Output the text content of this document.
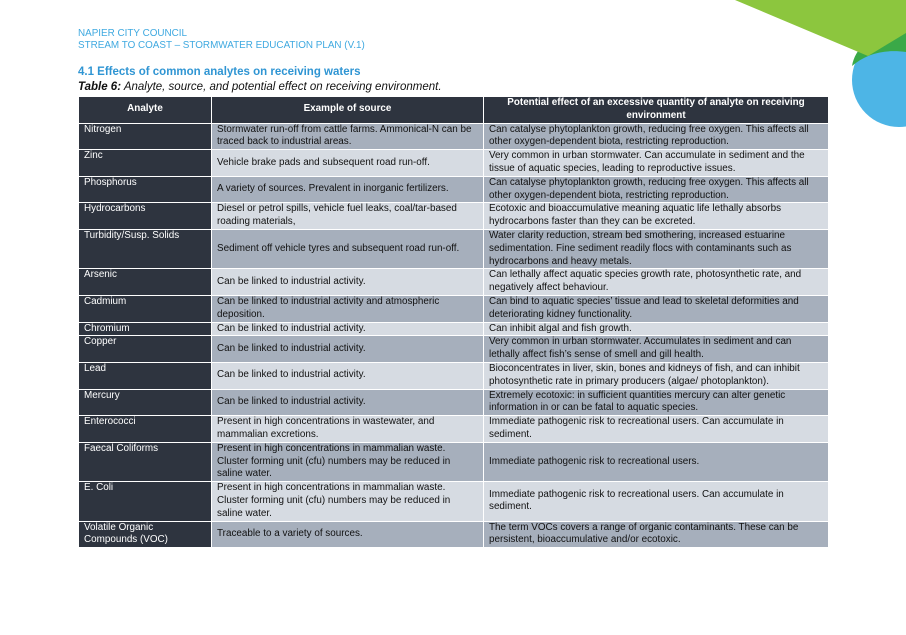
NAPIER CITY COUNCIL
STREAM TO COAST – STORMWATER EDUCATION PLAN (V.1)
4.1 Effects of common analytes on receiving waters
Table 6: Analyte, source, and potential effect on receiving environment.
Analyte	Example of source	Potential effect of an excessive quantity of analyte on receiving environment
Nitrogen	Stormwater run-off from cattle farms. Ammonical-N can be traced back to industrial areas.	Can catalyse phytoplankton growth, reducing free oxygen. This affects all other oxygen-dependent biota, restricting reproduction.
Zinc	Vehicle brake pads and subsequent road run-off.	Very common in urban stormwater. Can accumulate in sediment and the tissue of aquatic species, leading to reproductive issues.
Phosphorus	A variety of sources. Prevalent in inorganic fertilizers.	Can catalyse phytoplankton growth, reducing free oxygen. This affects all other oxygen-dependent biota, restricting reproduction.
Hydrocarbons	Diesel or petrol spills, vehicle fuel leaks, coal/tar-based roading materials,	Ecotoxic and bioaccumulative meaning aquatic life lethally absorbs hydrocarbons faster than they can be excreted.
Turbidity/Susp. Solids	Sediment off vehicle tyres and subsequent road run-off.	Water clarity reduction, stream bed smothering, increased estuarine sedimentation. Fine sediment readily flocs with contaminants such as hydrocarbons and heavy metals.
Arsenic	Can be linked to industrial activity.	Can lethally affect aquatic species growth rate, photosynthetic rate, and negatively affect behaviour.
Cadmium	Can be linked to industrial activity and atmospheric deposition.	Can bind to aquatic species’ tissue and lead to skeletal deformities and deteriorating kidney functionality.
Chromium	Can be linked to industrial activity.	Can inhibit algal and fish growth.
Copper	Can be linked to industrial activity.	Very common in urban stormwater. Accumulates in sediment and can lethally affect fish’s sense of smell and gill health.
Lead	Can be linked to industrial activity.	Bioconcentrates in liver, skin, bones and kidneys of fish, and can inhibit photosynthetic rate in primary producers (algae/ photoplankton).
Mercury	Can be linked to industrial activity.	Extremely ecotoxic: in sufficient quantities mercury can alter genetic information in or can be fatal to aquatic species.
Enterococci	Present in high concentrations in wastewater, and mammalian excretions.	Immediate pathogenic risk to recreational users. Can accumulate in sediment.
Faecal Coliforms	Present in high concentrations in mammalian waste. Cluster forming unit (cfu) numbers may be reduced in saline water.	Immediate pathogenic risk to recreational users.
E. Coli	Present in high concentrations in mammalian waste. Cluster forming unit (cfu) numbers may be reduced in saline water.	Immediate pathogenic risk to recreational users. Can accumulate in sediment.
Volatile Organic Compounds (VOC)	Traceable to a variety of sources.	The term VOCs covers a range of organic contaminants. These can be persistent, bioaccumulative and/or ecotoxic.
